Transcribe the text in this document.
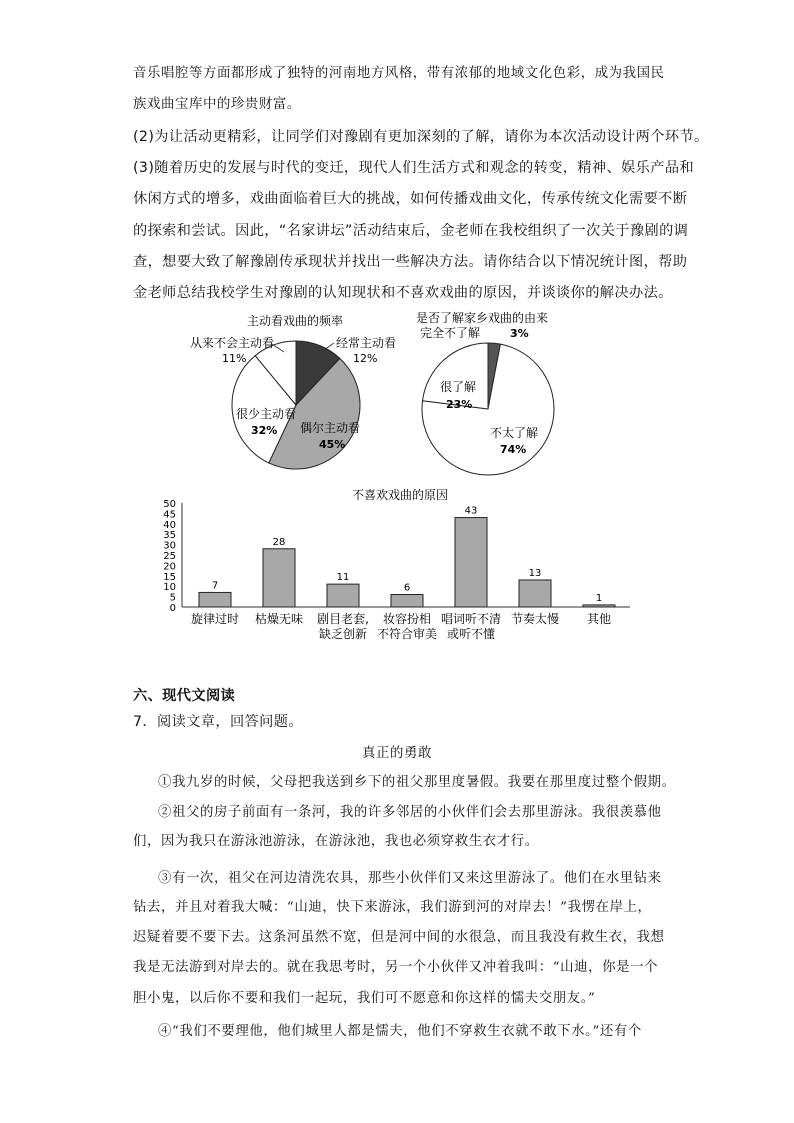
音乐唱腔等方面都形成了独特的河南地方风格，带有浓郁的地域文化色彩，成为我国民
族戏曲宝库中的珍贵财富。
(2)为让活动更精彩，让同学们对豫剧有更加深刻的了解，请你为本次活动设计两个环节。
(3)随着历史的发展与时代的变迁，现代人们生活方式和观念的转变，精神、娱乐产品和
休闲方式的增多，戏曲面临着巨大的挑战，如何传播戏曲文化，传承传统文化需要不断
的探索和尝试。因此，“名家讲坛”活动结束后，金老师在我校组织了一次关于豫剧的调
查，想要大致了解豫剧传承现状并找出一些解决方法。请你结合以下情况统计图，帮助
金老师总结我校学生对豫剧的认知现状和不喜欢戏曲的原因，并谈谈你的解决办法。
主动看戏曲的频率
经常主动看
12%
从来不会主动看
11%
很少主动看
32% 偶尔主动看
45%
是否了解家乡戏曲的由来
完全不了解	3%
很了解
23%
不太了解
74%
不喜欢戏曲的原因
0
5
10
15
20
25
30
35
40
45
50
7
旋律过时
28
枯燥无味
11
剧目老套,
缺乏创新
6
妆容扮相
不符合审美
43
唱词听不清
或听不懂
13
节奏太慢
1
其他
六、现代文阅读
7．阅读文章，回答问题。
真正的勇敢
①我九岁的时候，父母把我送到乡下的祖父那里度暑假。我要在那里度过整个假期。
②祖父的房子前面有一条河，我的许多邻居的小伙伴们会去那里游泳。我很羡慕他
们，因为我只在游泳池游泳，在游泳池，我也必须穿救生衣才行。
③有一次，祖父在河边清洗农具，那些小伙伴们又来这里游泳了。他们在水里钻来
钻去，并且对着我大喊：“山迪，快下来游泳，我们游到河的对岸去！”我愣在岸上，
迟疑着要不要下去。这条河虽然不宽，但是河中间的水很急，而且我没有救生衣，我想
我是无法游到对岸去的。就在我思考时，另一个小伙伴又冲着我叫：“山迪，你是一个
胆小鬼，以后你不要和我们一起玩，我们可不愿意和你这样的懦夫交朋友。”
④“我们不要理他，他们城里人都是懦夫，他们不穿救生衣就不敢下水。”还有个
